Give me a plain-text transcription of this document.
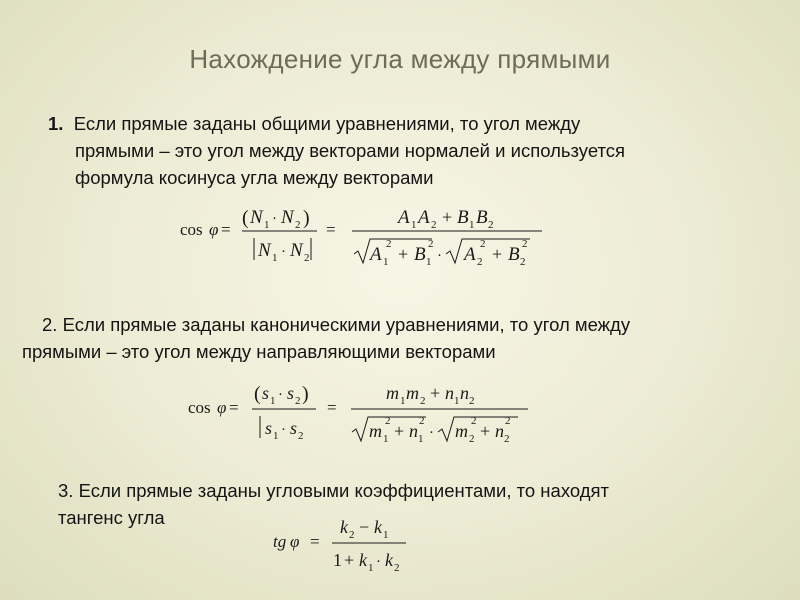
Нахождение угла между прямыми
1. Если прямые заданы общими уравнениями, то угол между
прямыми – это угол между векторами нормалей и используется
формула косинуса угла между векторами
cos φ =
( N 1 · N 2 )
N 1 · N 2
=
A 1 A 2 + B 1 B 2
A 1
2 + B 1
2
· A 2
2 + B 2
2
2. Если прямые заданы каноническими уравнениями, то угол между
прямыми – это угол между направляющими векторами
cos φ =
( s 1 · s 2 )
s 1 · s 2
=
m 1 m 2 + n 1 n 2
m 1
2 + n 1
2
· m 2
2 + n 2
2
3. Если прямые заданы угловыми коэффициентами, то находят
тангенс угла
tg φ =
k 2 − k 1
1 + k 1 · k 2
